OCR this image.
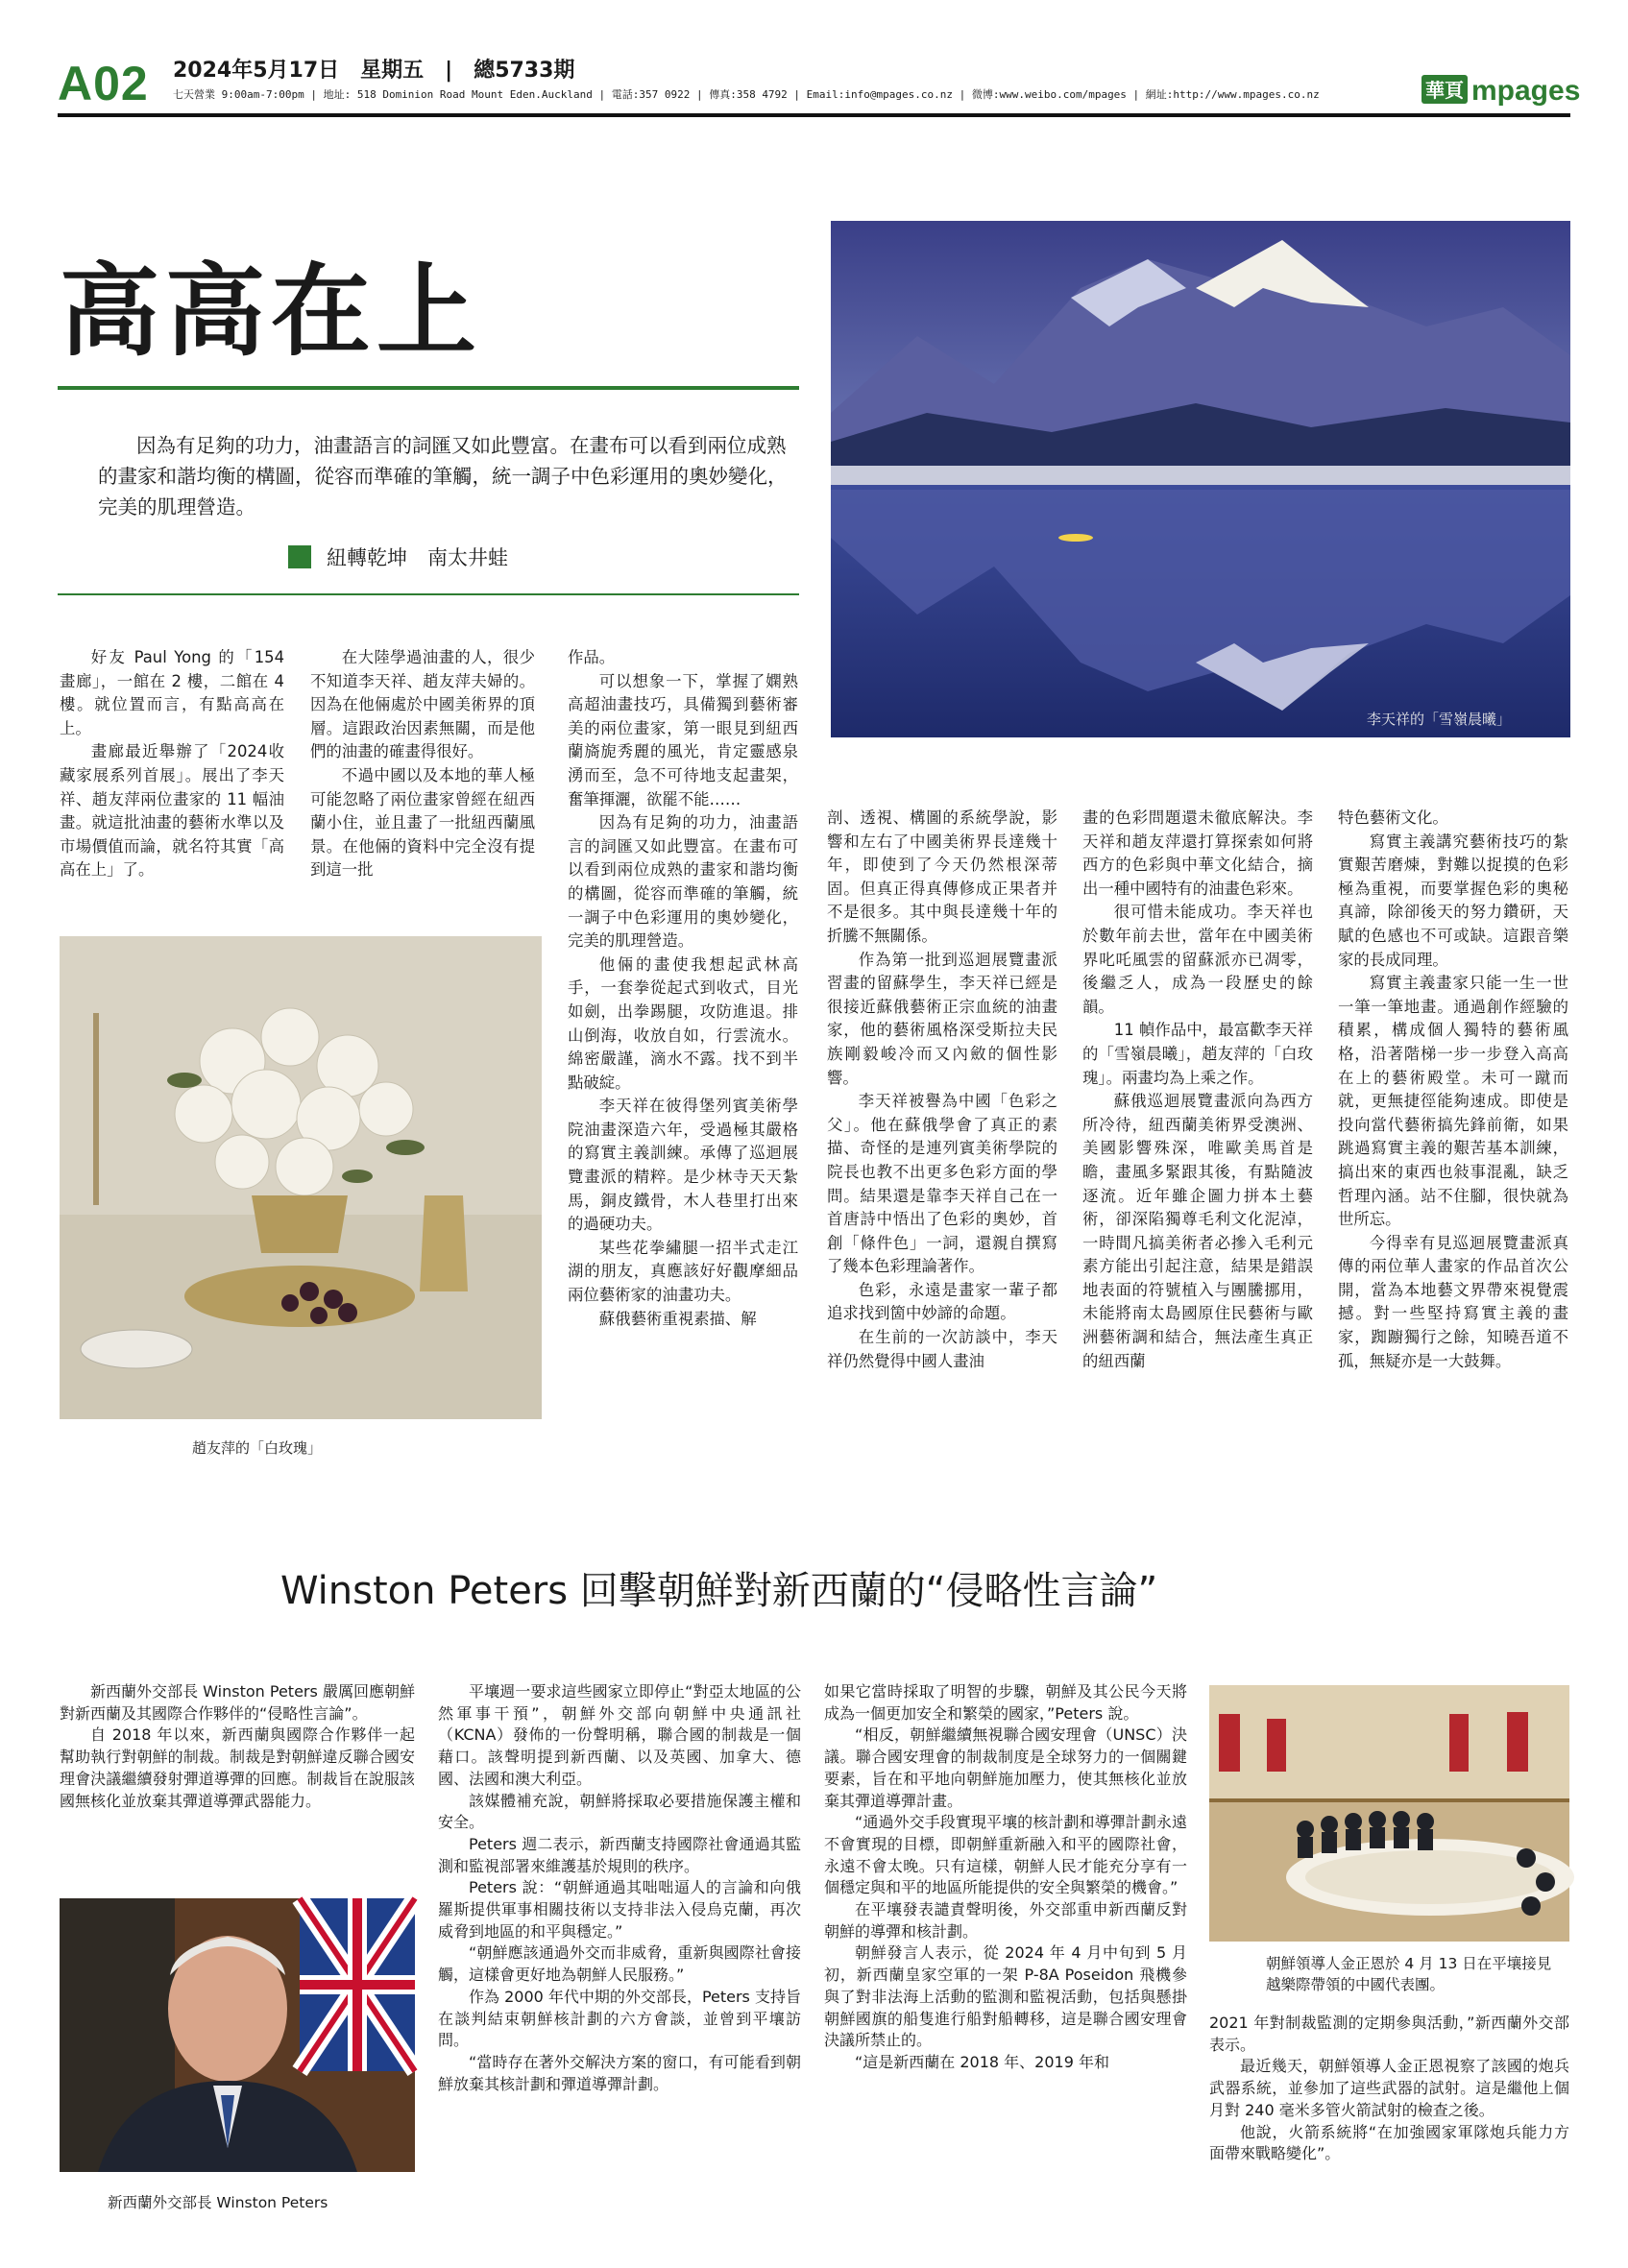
A02 2024年5月17日　星期五　|　總5733期
七天營業 9:00am-7:00pm | 地址: 518 Dominion Road Mount Eden.Auckland | 電話:357 0922 | 傳真:358 4792 | Email:info@mpages.co.nz | 微博:www.weibo.com/mpages | 網址:http://www.mpages.co.nz	華頁 mpages
高高在上
因為有足夠的功力，油畫語言的詞匯又如此豐富。在畫布可以看到兩位成熟的畫家和諧均衡的構圖，從容而準確的筆觸，統一調子中色彩運用的奧妙變化，完美的肌理營造。
紐轉乾坤　南太井蛙

好友 Paul Yong 的「154畫廊」，一館在 2 樓，二館在 4 樓。就位置而言，有點高高在上。

畫廊最近舉辦了「2024收藏家展系列首展」。展出了李天祥、趙友萍兩位畫家的 11 幅油畫。就這批油畫的藝術水準以及市場價值而論，就名符其實「高高在上」了。

在大陸學過油畫的人，很少不知道李天祥、趙友萍夫婦的。因為在他倆處於中國美術界的頂層。這跟政治因素無關，而是他們的油畫的確畫得很好。

不過中國以及本地的華人極可能忽略了兩位畫家曾經在紐西蘭小住，並且畫了一批紐西蘭風景。在他倆的資料中完全沒有提到這一批

作品。

可以想象一下，掌握了嫻熟高超油畫技巧，具備獨到藝術審美的兩位畫家，第一眼見到紐西蘭旖旎秀麗的風光，肯定靈感泉湧而至，急不可待地支起畫架，奮筆揮灑，欲罷不能……

因為有足夠的功力，油畫語言的詞匯又如此豐富。在畫布可以看到兩位成熟的畫家和諧均衡的構圖，從容而準確的筆觸，統一調子中色彩運用的奧妙變化，完美的肌理營造。

他倆的畫使我想起武林高手，一套拳從起式到收式，目光如劍，出拳踢腿，攻防進退。排山倒海，收放自如，行雲流水。綿密嚴謹，滴水不露。找不到半點破綻。

李天祥在彼得堡列賓美術學院油畫深造六年，受過極其嚴格的寫實主義訓練。承傳了巡迴展覽畫派的精粹。是少林寺天天紮馬，銅皮鐵骨，木人巷里打出來的過硬功夫。

某些花拳繡腿一招半式走江湖的朋友，真應該好好觀摩細品兩位藝術家的油畫功夫。

蘇俄藝術重視素描、解

剖、透視、構圖的系統學說，影響和左右了中國美術界長達幾十年，即使到了今天仍然根深蒂固。但真正得真傳修成正果者并不是很多。其中與長達幾十年的折騰不無關係。

作為第一批到巡迴展覽畫派習畫的留蘇學生，李天祥已經是很接近蘇俄藝術正宗血統的油畫家，他的藝術風格深受斯拉夫民族剛毅峻冷而又內斂的個性影響。

李天祥被譽為中國「色彩之父」。他在蘇俄學會了真正的素描、奇怪的是連列賓美術學院的院長也教不出更多色彩方面的學問。結果還是靠李天祥自己在一首唐詩中悟出了色彩的奧妙，首創「條件色」一詞，還親自撰寫了幾本色彩理論著作。

色彩，永遠是畫家一輩子都追求找到箇中妙諦的命題。

在生前的一次訪談中，李天祥仍然覺得中國人畫油

畫的色彩問題還未徹底解決。李天祥和趙友萍還打算探索如何將西方的色彩與中華文化結合，摘出一種中國特有的油畫色彩來。

很可惜未能成功。李天祥也於數年前去世，當年在中國美術界叱吒風雲的留蘇派亦已凋零，後繼乏人，成為一段歷史的餘韻。

11 幀作品中，最富歡李天祥的「雪嶺晨曦」，趙友萍的「白玫瑰」。兩畫均為上乘之作。

蘇俄巡迴展覽畫派向為西方所冷待，紐西蘭美術界受澳洲、美國影響殊深，唯歐美馬首是瞻，畫風多緊跟其後，有點隨波逐流。近年雖企圖力拼本土藝術，卻深陷獨尊毛利文化泥淖，一時間凡搞美術者必摻入毛利元素方能出引起注意，結果是錯誤地表面的符號植入与團騰挪用，未能將南太島國原住民藝術与歐洲藝術調和結合，無法產生真正的紐西蘭

特色藝術文化。

寫實主義講究藝術技巧的紮實艱苦磨煉，對難以捉摸的色彩極為重視，而要掌握色彩的奧秘真諦，除卻後天的努力鑽研，天賦的色感也不可或缺。這跟音樂家的長成同理。

寫實主義畫家只能一生一世一筆一筆地畫。通過創作經驗的積累，構成個人獨特的藝術風格，沿著階梯一步一步登入高高在上的藝術殿堂。未可一蹴而就，更無捷徑能夠速成。即使是投向當代藝術搞先鋒前衛，如果跳過寫實主義的艱苦基本訓練，搞出來的東西也敍事混亂，缺乏哲理內涵。站不住腳，很快就為世所忘。

今得幸有見巡迴展覽畫派真傳的兩位華人畫家的作品首次公開，當為本地藝文界帶來視覺震撼。對一些堅持寫實主義的畫家，踟躕獨行之餘，知曉吾道不孤，無疑亦是一大鼓舞。

李天祥的「雪嶺晨曦」
趙友萍的「白玫瑰」
Winston Peters 回擊朝鮮對新西蘭的“侵略性言論”

新西蘭外交部長 Winston Peters 嚴厲回應朝鮮對新西蘭及其國際合作夥伴的“侵略性言論”。

自 2018 年以來，新西蘭與國際合作夥伴一起幫助執行對朝鮮的制裁。制裁是對朝鮮違反聯合國安理會決議繼續發射彈道導彈的回應。制裁旨在說服該國無核化並放棄其彈道導彈武器能力。

平壤週一要求這些國家立即停止“對亞太地區的公然軍事干預”，朝鮮外交部向朝鮮中央通訊社（KCNA）發佈的一份聲明稱，聯合國的制裁是一個藉口。該聲明提到新西蘭、以及英國、加拿大、德國、法國和澳大利亞。

該媒體補充說，朝鮮將採取必要措施保護主權和安全。

Peters 週二表示，新西蘭支持國際社會通過其監測和監視部署來維護基於規則的秩序。

Peters 說：“朝鮮通過其咄咄逼人的言論和向俄羅斯提供軍事相關技術以支持非法入侵烏克蘭，再次威脅到地區的和平與穩定。”

“朝鮮應該通過外交而非威脅，重新與國際社會接觸，這樣會更好地為朝鮮人民服務。”

作為 2000 年代中期的外交部長，Peters 支持旨在談判結束朝鮮核計劃的六方會談，並曾到平壤訪問。

“當時存在著外交解決方案的窗口，有可能看到朝鮮放棄其核計劃和彈道導彈計劃。

如果它當時採取了明智的步驟，朝鮮及其公民今天將成為一個更加安全和繁榮的國家，”Peters 說。

“相反，朝鮮繼續無視聯合國安理會（UNSC）決議。聯合國安理會的制裁制度是全球努力的一個關鍵要素，旨在和平地向朝鮮施加壓力，使其無核化並放棄其彈道導彈計畫。

“通過外交手段實現平壤的核計劃和導彈計劃永遠不會實現的目標，即朝鮮重新融入和平的國際社會，永遠不會太晚。只有這樣，朝鮮人民才能充分享有一個穩定與和平的地區所能提供的安全與繁榮的機會。”

在平壤發表譴責聲明後，外交部重申新西蘭反對朝鮮的導彈和核計劃。

朝鮮發言人表示，從 2024 年 4 月中旬到 5 月初，新西蘭皇家空軍的一架 P-8A Poseidon 飛機參與了對非法海上活動的監測和監視活動，包括與懸掛朝鮮國旗的船隻進行船對船轉移，這是聯合國安理會決議所禁止的。

“這是新西蘭在 2018 年、2019 年和

2021 年對制裁監測的定期參與活動，”新西蘭外交部表示。

最近幾天，朝鮮領導人金正恩視察了該國的炮兵武器系統，並參加了這些武器的試射。這是繼他上個月對 240 毫米多管火箭試射的檢查之後。

他說，火箭系統將“在加強國家軍隊炮兵能力方面帶來戰略變化”。

新西蘭外交部長 Winston Peters
朝鮮領導人金正恩於 4 月 13 日在平壤接見越樂際帶領的中國代表團。
